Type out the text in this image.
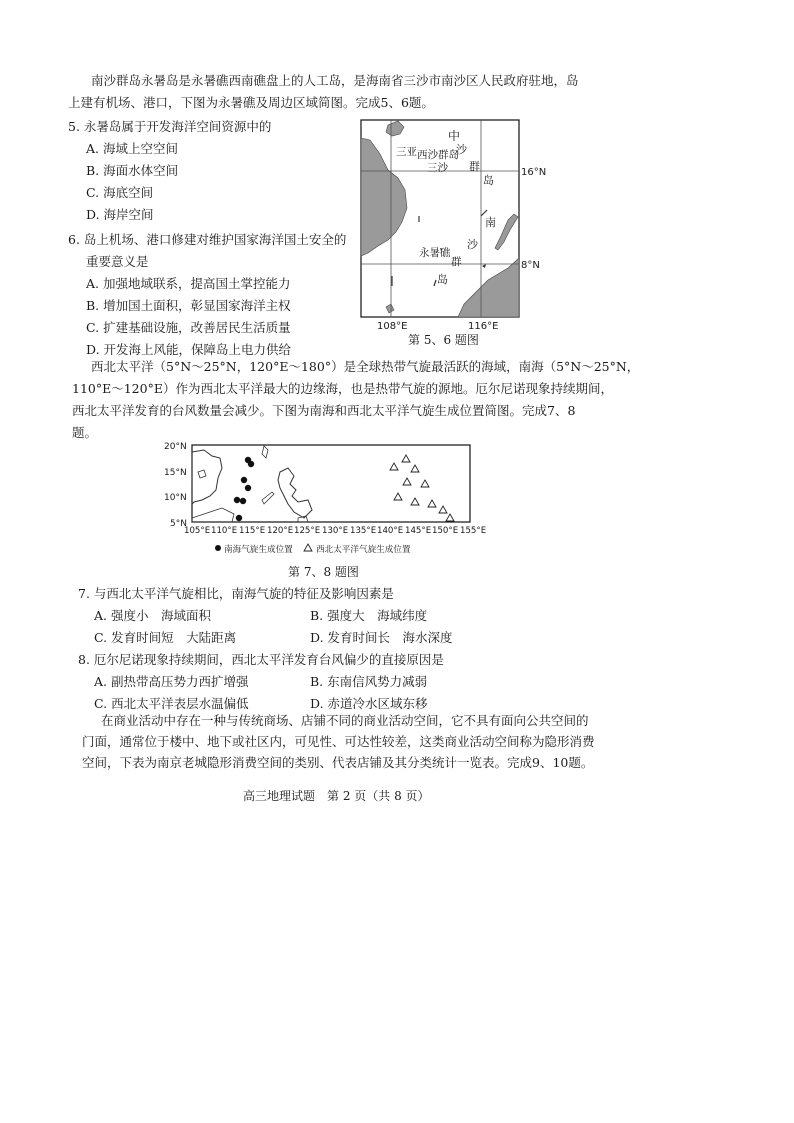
南沙群岛永暑岛是永暑礁西南礁盘上的人工岛，是海南省三沙市南沙区人民政府驻地，岛
上建有机场、港口，下图为永暑礁及周边区域简图。完成5、6题。
5. 永暑岛属于开发海洋空间资源中的
A. 海域上空空间
B. 海面水体空间
C. 海底空间
D. 海岸空间
6. 岛上机场、港口修建对维护国家海洋国土安全的
重要意义是
A. 加强地域联系，提高国土掌控能力
B. 增加国土面积，彰显国家海洋主权
C. 扩建基础设施，改善居民生活质量
D. 开发海上风能，保障岛上电力供给
中
三亚 西沙群岛
沙
三沙 群
岛
南
沙
永暑礁
群
岛
16°N
8°N
108°E	116°E
第 5、6 题图
西北太平洋（5°N～25°N，120°E～180°）是全球热带气旋最活跃的海域，南海（5°N～25°N，
110°E～120°E）作为西北太平洋最大的边缘海，也是热带气旋的源地。厄尔尼诺现象持续期间，
西北太平洋发育的台风数量会减少。下图为南海和西北太平洋气旋生成位置简图。完成7、8
题。
20°N
15°N
10°N
5°N
105°E 110°E 115°E 120°E 125°E 130°E 135°E 140°E 145°E 150°E 155°E
南海气旋生成位置	西北太平洋气旋生成位置
第 7、8 题图
7. 与西北太平洋气旋相比，南海气旋的特征及影响因素是
A. 强度小　海域面积	B. 强度大　海域纬度
C. 发育时间短　大陆距离	D. 发育时间长　海水深度
8. 厄尔尼诺现象持续期间，西北太平洋发育台风偏少的直接原因是
A. 副热带高压势力西扩增强	B. 东南信风势力减弱
C. 西北太平洋表层水温偏低	D. 赤道冷水区域东移
在商业活动中存在一种与传统商场、店铺不同的商业活动空间，它不具有面向公共空间的
门面，通常位于楼中、地下或社区内，可见性、可达性较差，这类商业活动空间称为隐形消费
空间，下表为南京老城隐形消费空间的类别、代表店铺及其分类统计一览表。完成9、10题。
高三地理试题　第 2 页（共 8 页）
